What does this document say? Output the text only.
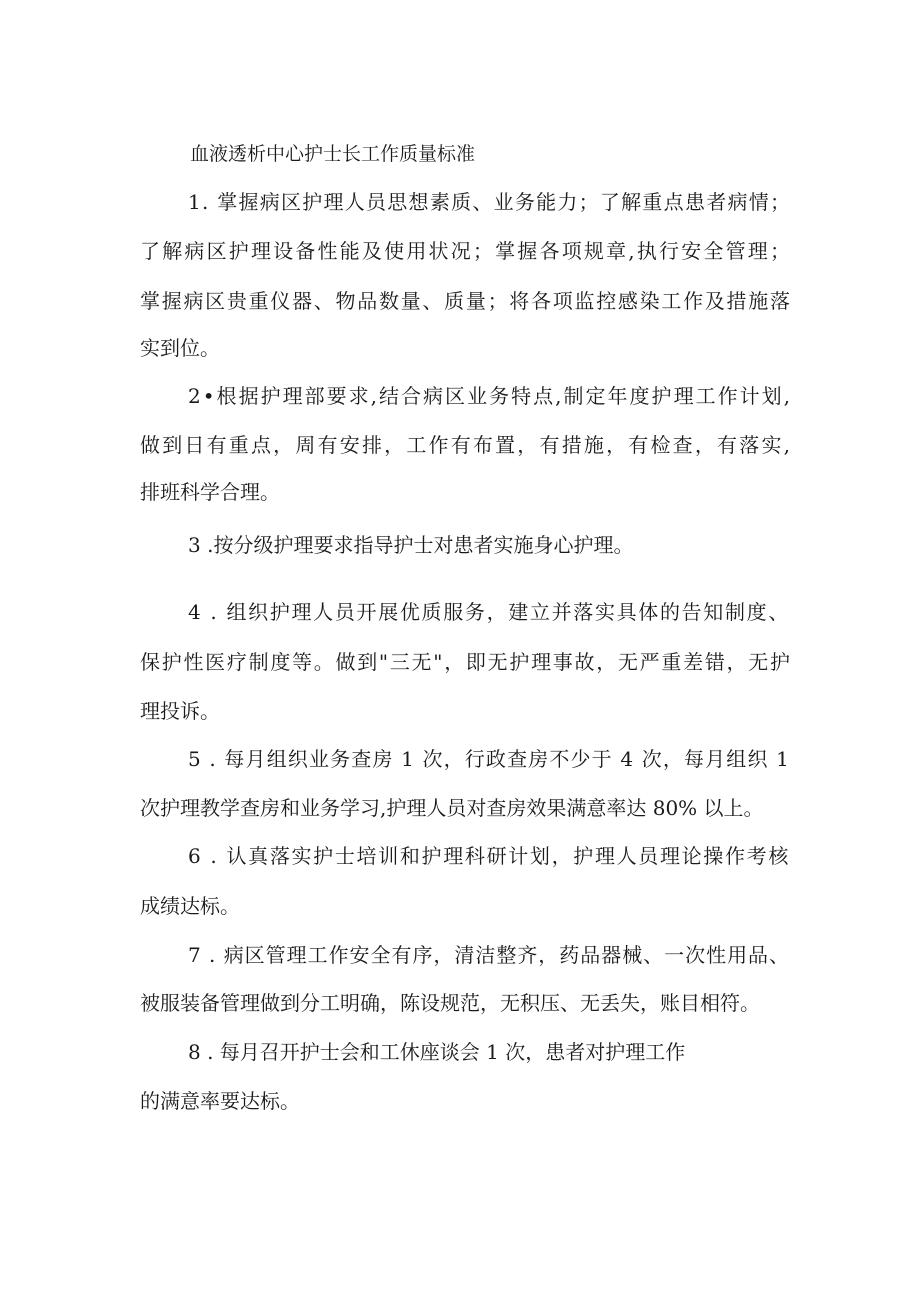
血液透析中心护士长工作质量标准
1. 掌握病区护理人员思想素质、业务能力；了解重点患者病情；
了解病区护理设备性能及使用状况；掌握各项规章,执行安全管理；
掌握病区贵重仪器、物品数量、质量；将各项监控感染工作及措施落
实到位。
2•根据护理部要求,结合病区业务特点,制定年度护理工作计划,
做到日有重点，周有安排，工作有布置，有措施，有检查，有落实,
排班科学合理。
3 .按分级护理要求指导护士对患者实施身心护理。
4 . 组织护理人员开展优质服务，建立并落实具体的告知制度、
保护性医疗制度等。做到"三无"，即无护理事故，无严重差错，无护
理投诉。
5 . 每月组织业务查房 1 次，行政查房不少于 4 次，每月组织 1
次护理教学查房和业务学习,护理人员对查房效果满意率达 80% 以上。
6 . 认真落实护士培训和护理科研计划，护理人员理论操作考核
成绩达标。
7 . 病区管理工作安全有序，清洁整齐，药品器械、一次性用品、
被服装备管理做到分工明确，陈设规范，无积压、无丢失，账目相符。
8 . 每月召开护士会和工休座谈会 1 次，患者对护理工作
的满意率要达标。
